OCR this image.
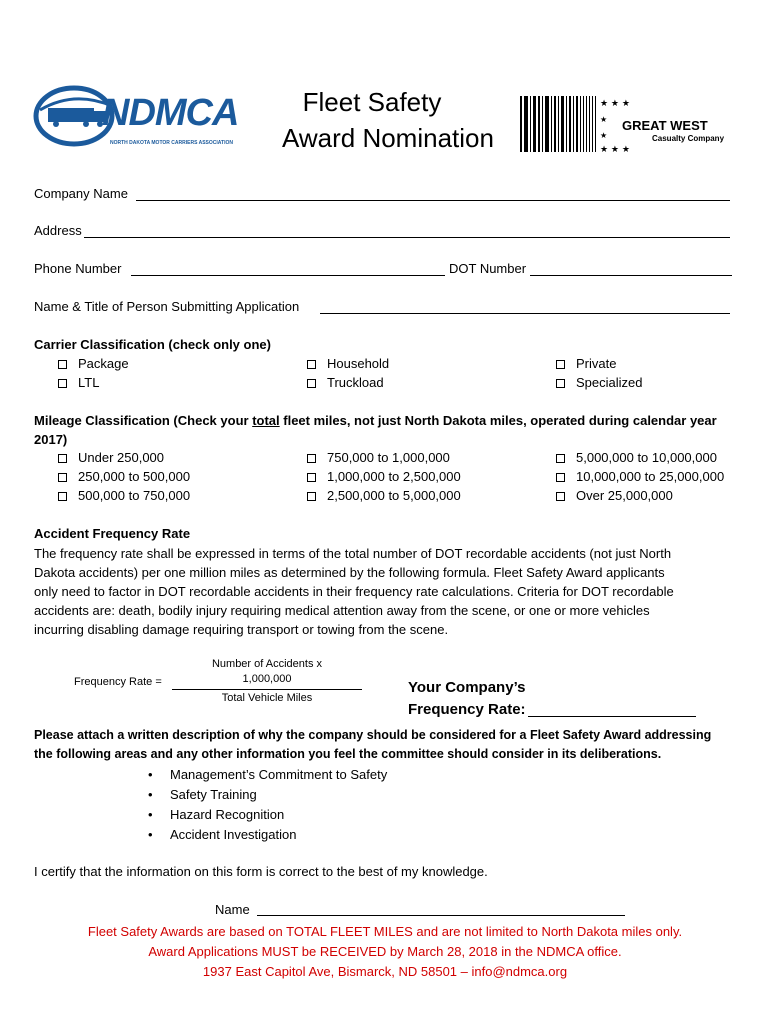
NDMCA
NORTH DAKOTA MOTOR CARRIERS ASSOCIATION
Fleet Safety
Award Nomination
★ ★ ★
★
★
★ ★ ★
GREAT WEST
Casualty Company
Company Name
Address
Phone Number	DOT Number
Name & Title of Person Submitting Application
Carrier Classification (check only one)
Package
LTL
Household
Truckload
Private
Specialized
Mileage Classification (Check your total fleet miles, not just North Dakota miles, operated during calendar year
2017)
Under 250,000
250,000 to 500,000
500,000 to 750,000
750,000 to 1,000,000
1,000,000 to 2,500,000
2,500,000 to 5,000,000
5,000,000 to 10,000,000
10,000,000 to 25,000,000
Over 25,000,000
Accident Frequency Rate
The frequency rate shall be expressed in terms of the total number of DOT recordable accidents (not just North
Dakota accidents) per one million miles as determined by the following formula. Fleet Safety Award applicants
only need to factor in DOT recordable accidents in their frequency rate calculations. Criteria for DOT recordable
accidents are: death, bodily injury requiring medical attention away from the scene, or one or more vehicles
incurring disabling damage requiring transport or towing from the scene.
Frequency Rate =
Number of Accidents x
1,000,000
Total Vehicle Miles
Your Company’s
Frequency Rate:
Please attach a written description of why the company should be considered for a Fleet Safety Award addressing
the following areas and any other information you feel the committee should consider in its deliberations.
• Management’s Commitment to Safety
• Safety Training
• Hazard Recognition
• Accident Investigation
I certify that the information on this form is correct to the best of my knowledge.
Name
Fleet Safety Awards are based on TOTAL FLEET MILES and are not limited to North Dakota miles only.
Award Applications MUST be RECEIVED by March 28, 2018 in the NDMCA office.
1937 East Capitol Ave, Bismarck, ND 58501 – info@ndmca.org
